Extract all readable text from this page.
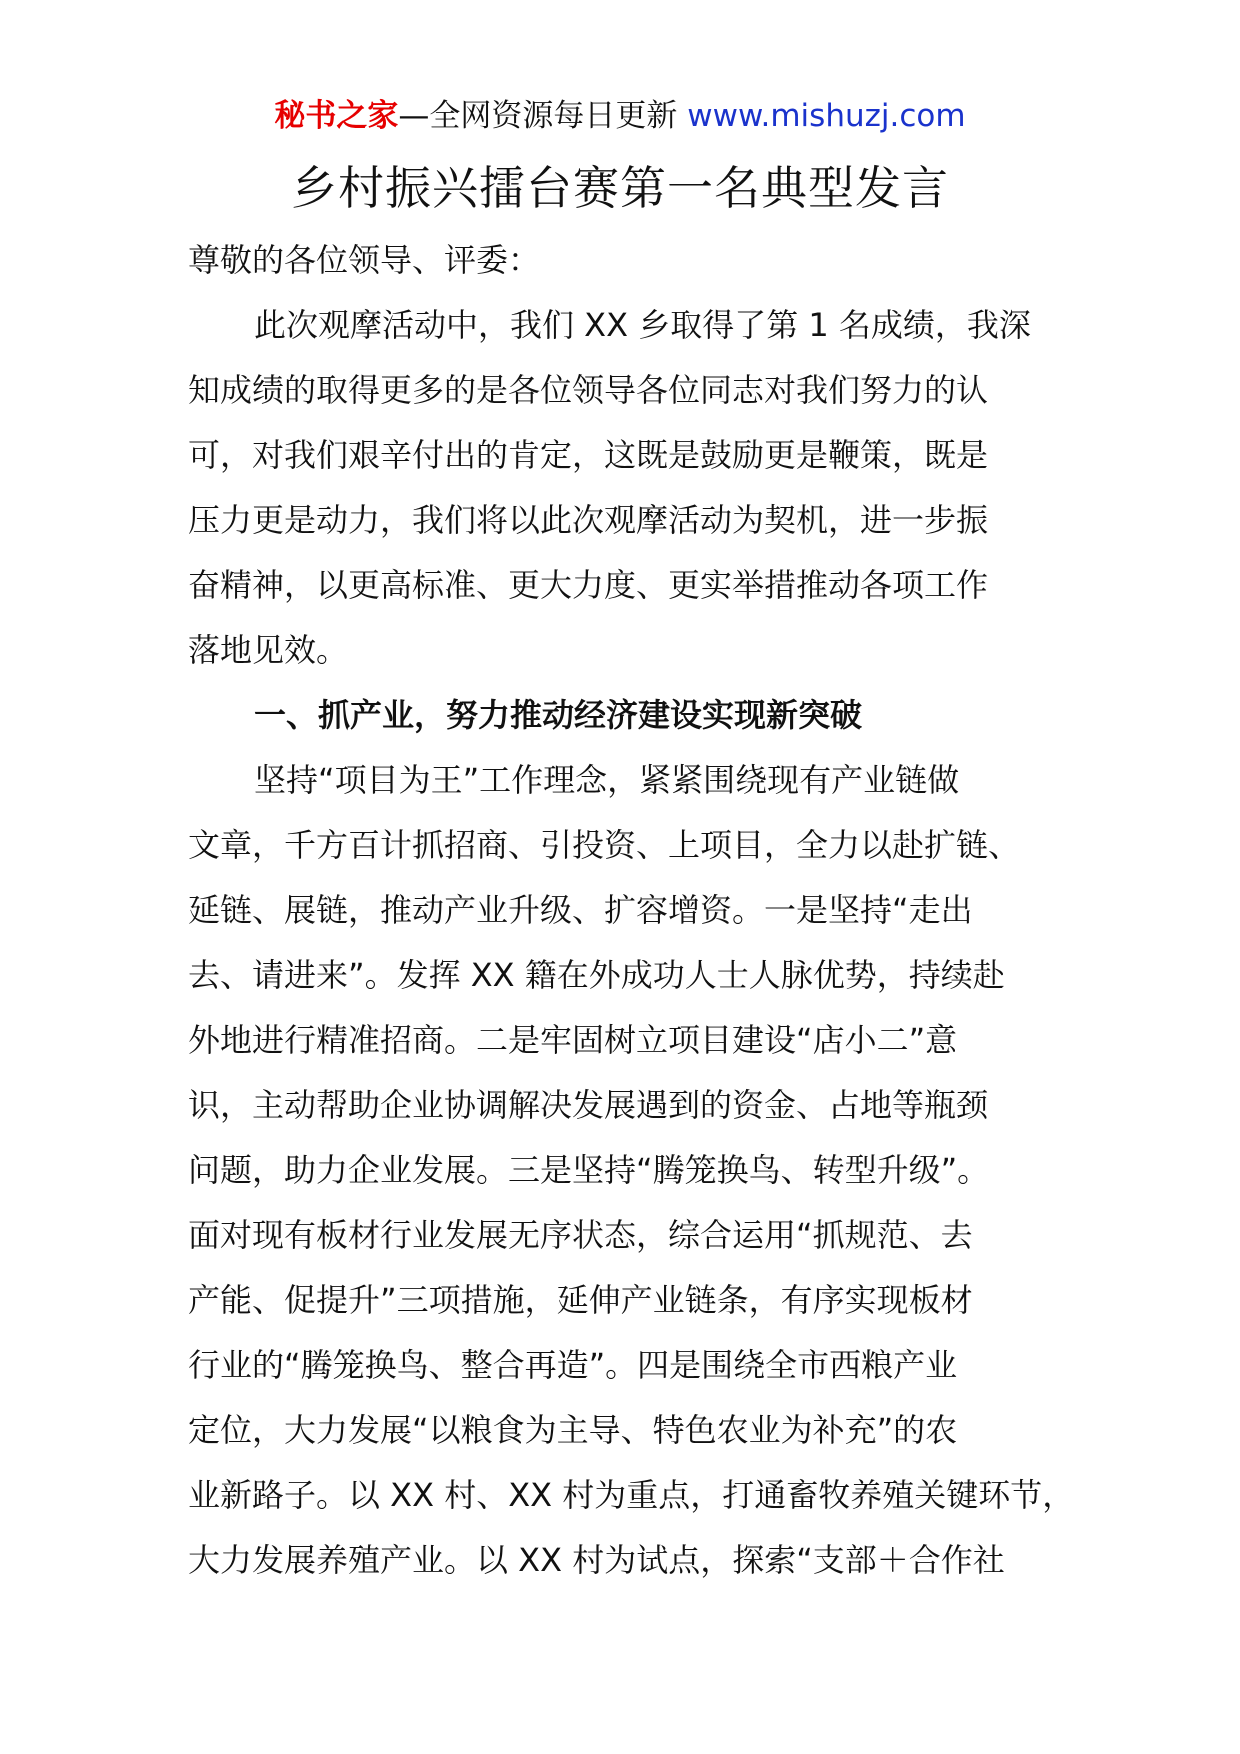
秘书之家—全网资源每日更新 www.mishuzj.com
乡村振兴擂台赛第一名典型发言
尊敬的各位领导、评委：
此次观摩活动中，我们 XX 乡取得了第 1 名成绩，我深
知成绩的取得更多的是各位领导各位同志对我们努力的认
可，对我们艰辛付出的肯定，这既是鼓励更是鞭策，既是
压力更是动力，我们将以此次观摩活动为契机，进一步振
奋精神，以更高标准、更大力度、更实举措推动各项工作
落地见效。
一、抓产业，努力推动经济建设实现新突破
坚持“项目为王”工作理念，紧紧围绕现有产业链做
文章，千方百计抓招商、引投资、上项目，全力以赴扩链、
延链、展链，推动产业升级、扩容增资。一是坚持“走出
去、请进来”。发挥 XX 籍在外成功人士人脉优势，持续赴
外地进行精准招商。二是牢固树立项目建设“店小二”意
识，主动帮助企业协调解决发展遇到的资金、占地等瓶颈
问题，助力企业发展。三是坚持“腾笼换鸟、转型升级”。
面对现有板材行业发展无序状态，综合运用“抓规范、去
产能、促提升”三项措施，延伸产业链条，有序实现板材
行业的“腾笼换鸟、整合再造”。四是围绕全市西粮产业
定位，大力发展“以粮食为主导、特色农业为补充”的农
业新路子。以 XX 村、XX 村为重点，打通畜牧养殖关键环节，
大力发展养殖产业。以 XX 村为试点，探索“支部＋合作社
